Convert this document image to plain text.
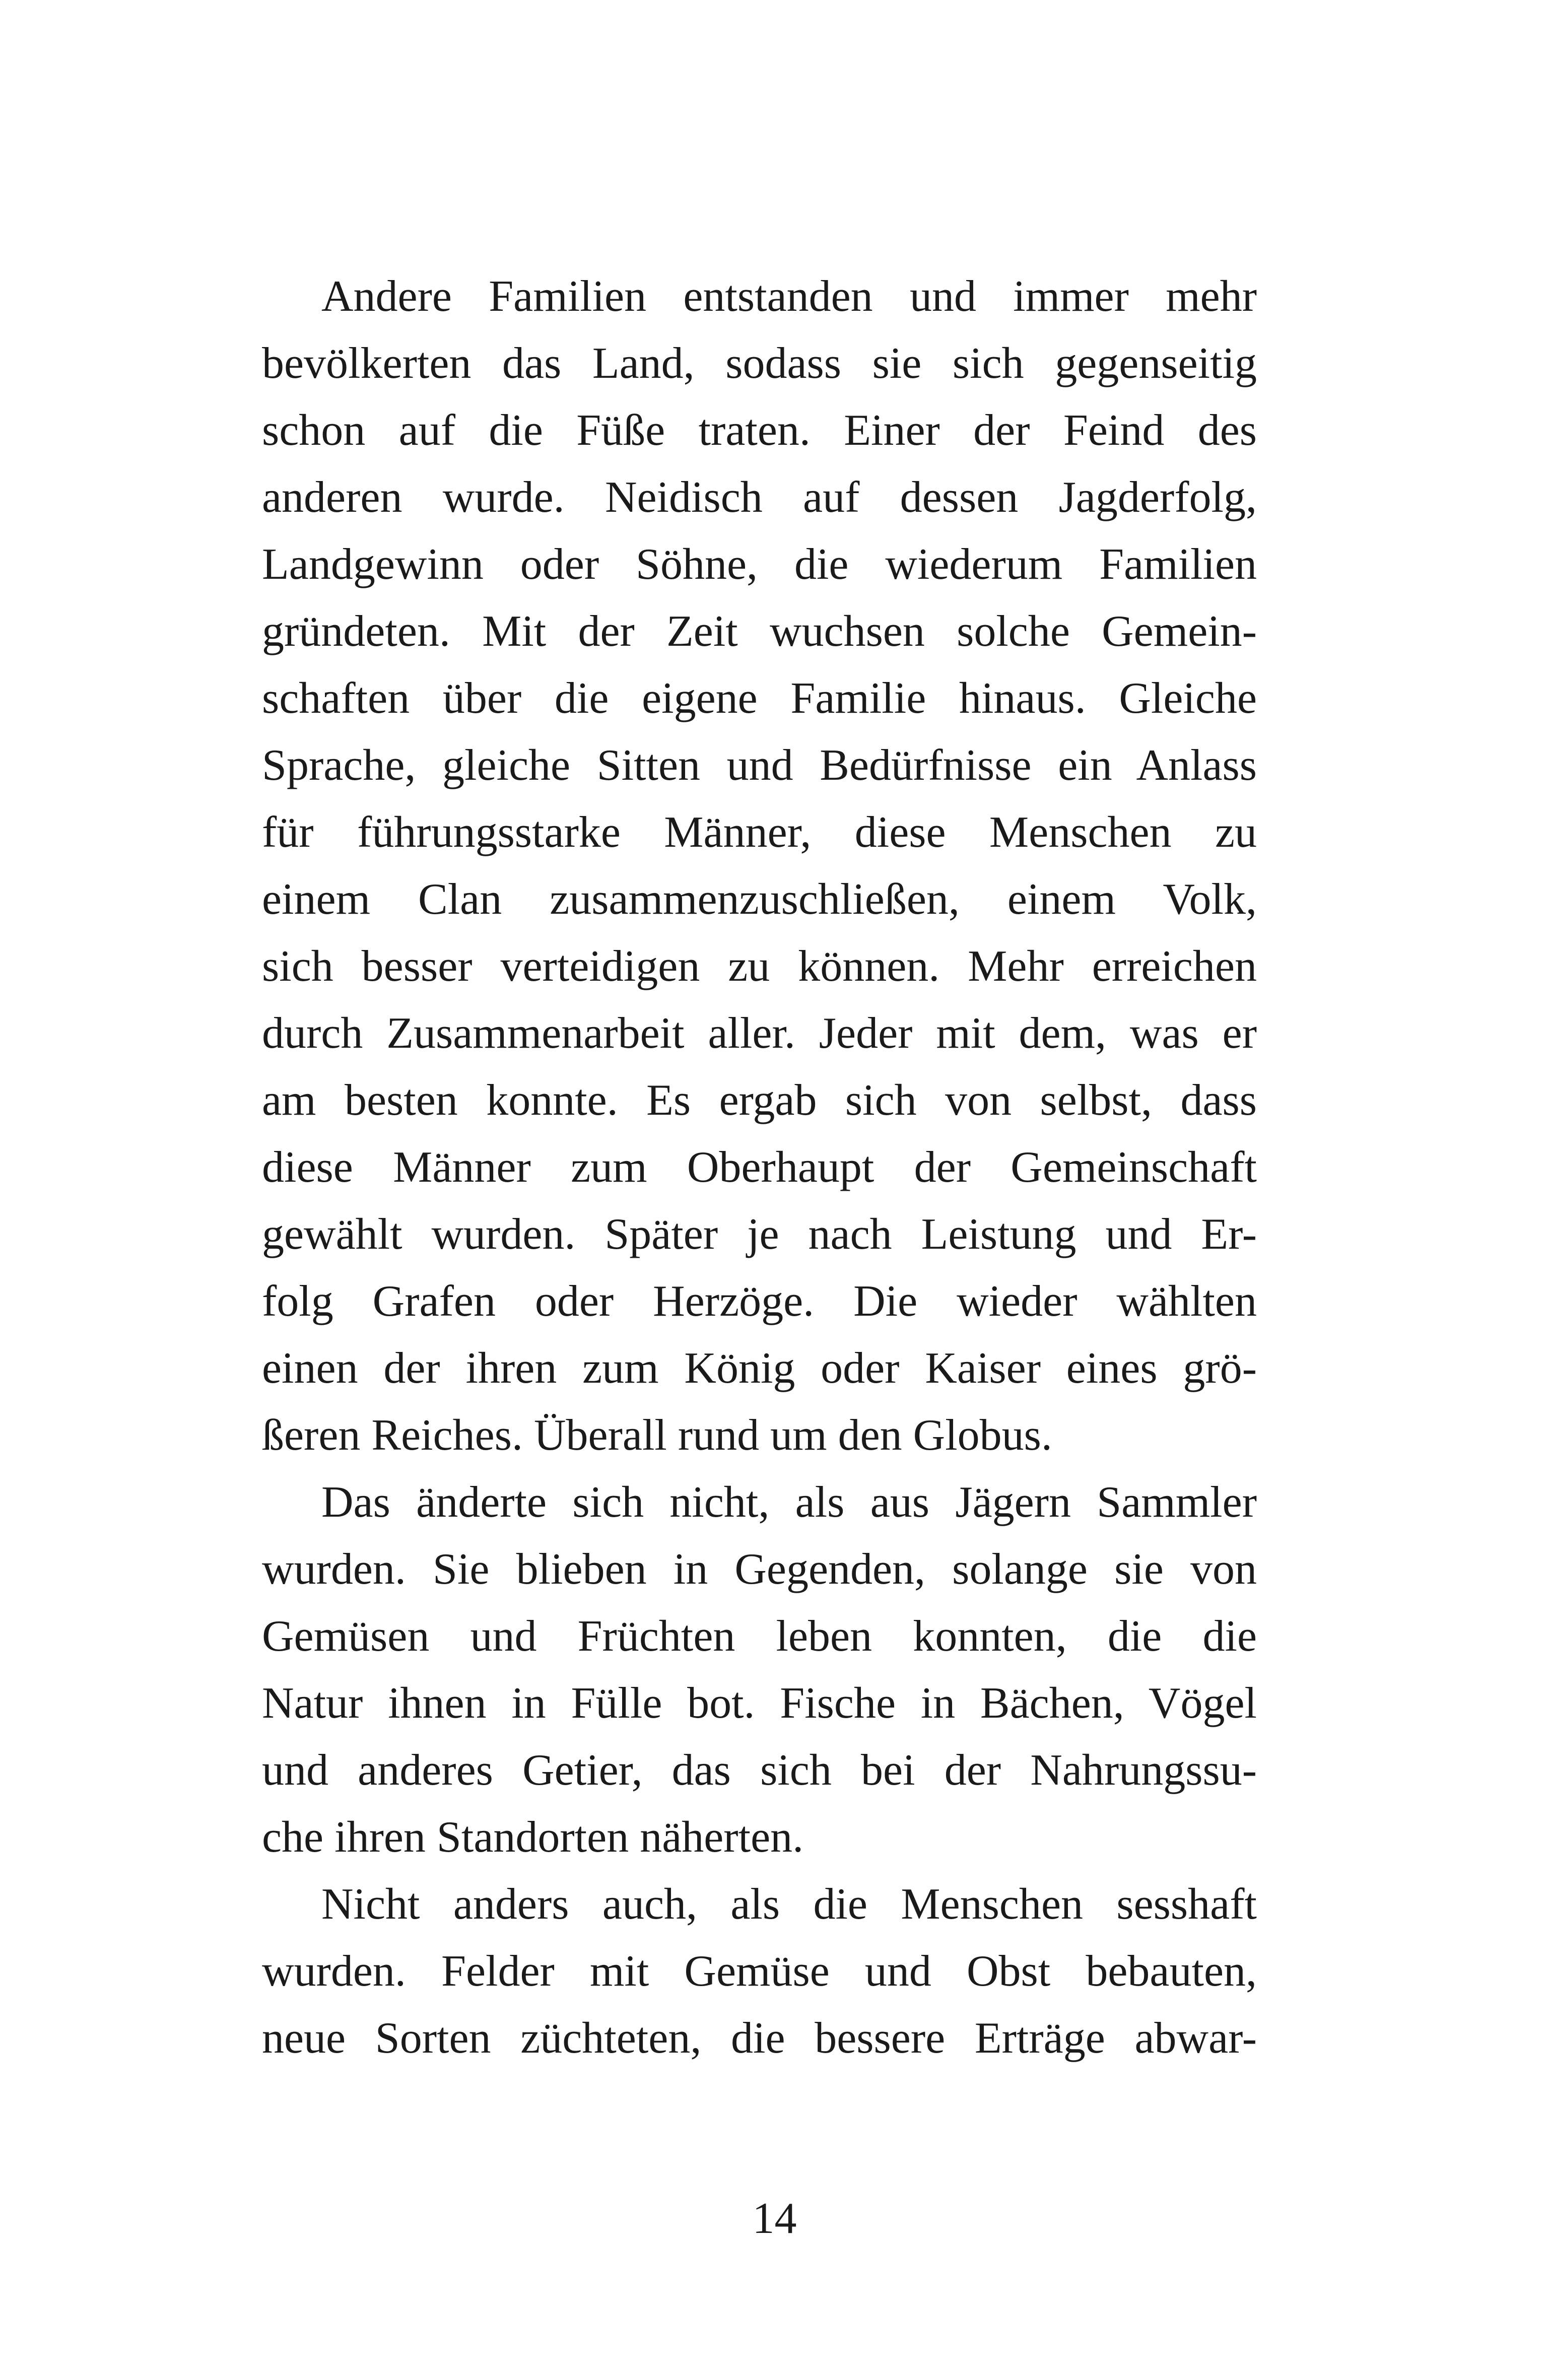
Andere Familien entstanden und immer mehr
bevölkerten das Land, sodass sie sich gegenseitig
schon auf die Füße traten. Einer der Feind des
anderen wurde. Neidisch auf dessen Jagderfolg,
Landgewinn oder Söhne, die wiederum Familien
gründeten. Mit der Zeit wuchsen solche Gemein-
schaften über die eigene Familie hinaus. Gleiche
Sprache, gleiche Sitten und Bedürfnisse ein Anlass
für führungsstarke Männer, diese Menschen zu
einem Clan zusammenzuschließen, einem Volk,
sich besser verteidigen zu können. Mehr erreichen
durch Zusammenarbeit aller. Jeder mit dem, was er
am besten konnte. Es ergab sich von selbst, dass
diese Männer zum Oberhaupt der Gemeinschaft
gewählt wurden. Später je nach Leistung und Er-
folg Grafen oder Herzöge. Die wieder wählten
einen der ihren zum König oder Kaiser eines grö-
ßeren Reiches. Überall rund um den Globus.
Das änderte sich nicht, als aus Jägern Sammler
wurden. Sie blieben in Gegenden, solange sie von
Gemüsen und Früchten leben konnten, die die
Natur ihnen in Fülle bot. Fische in Bächen, Vögel
und anderes Getier, das sich bei der Nahrungssu-
che ihren Standorten näherten.
Nicht anders auch, als die Menschen sesshaft
wurden. Felder mit Gemüse und Obst bebauten,
neue Sorten züchteten, die bessere Erträge abwar-
14
